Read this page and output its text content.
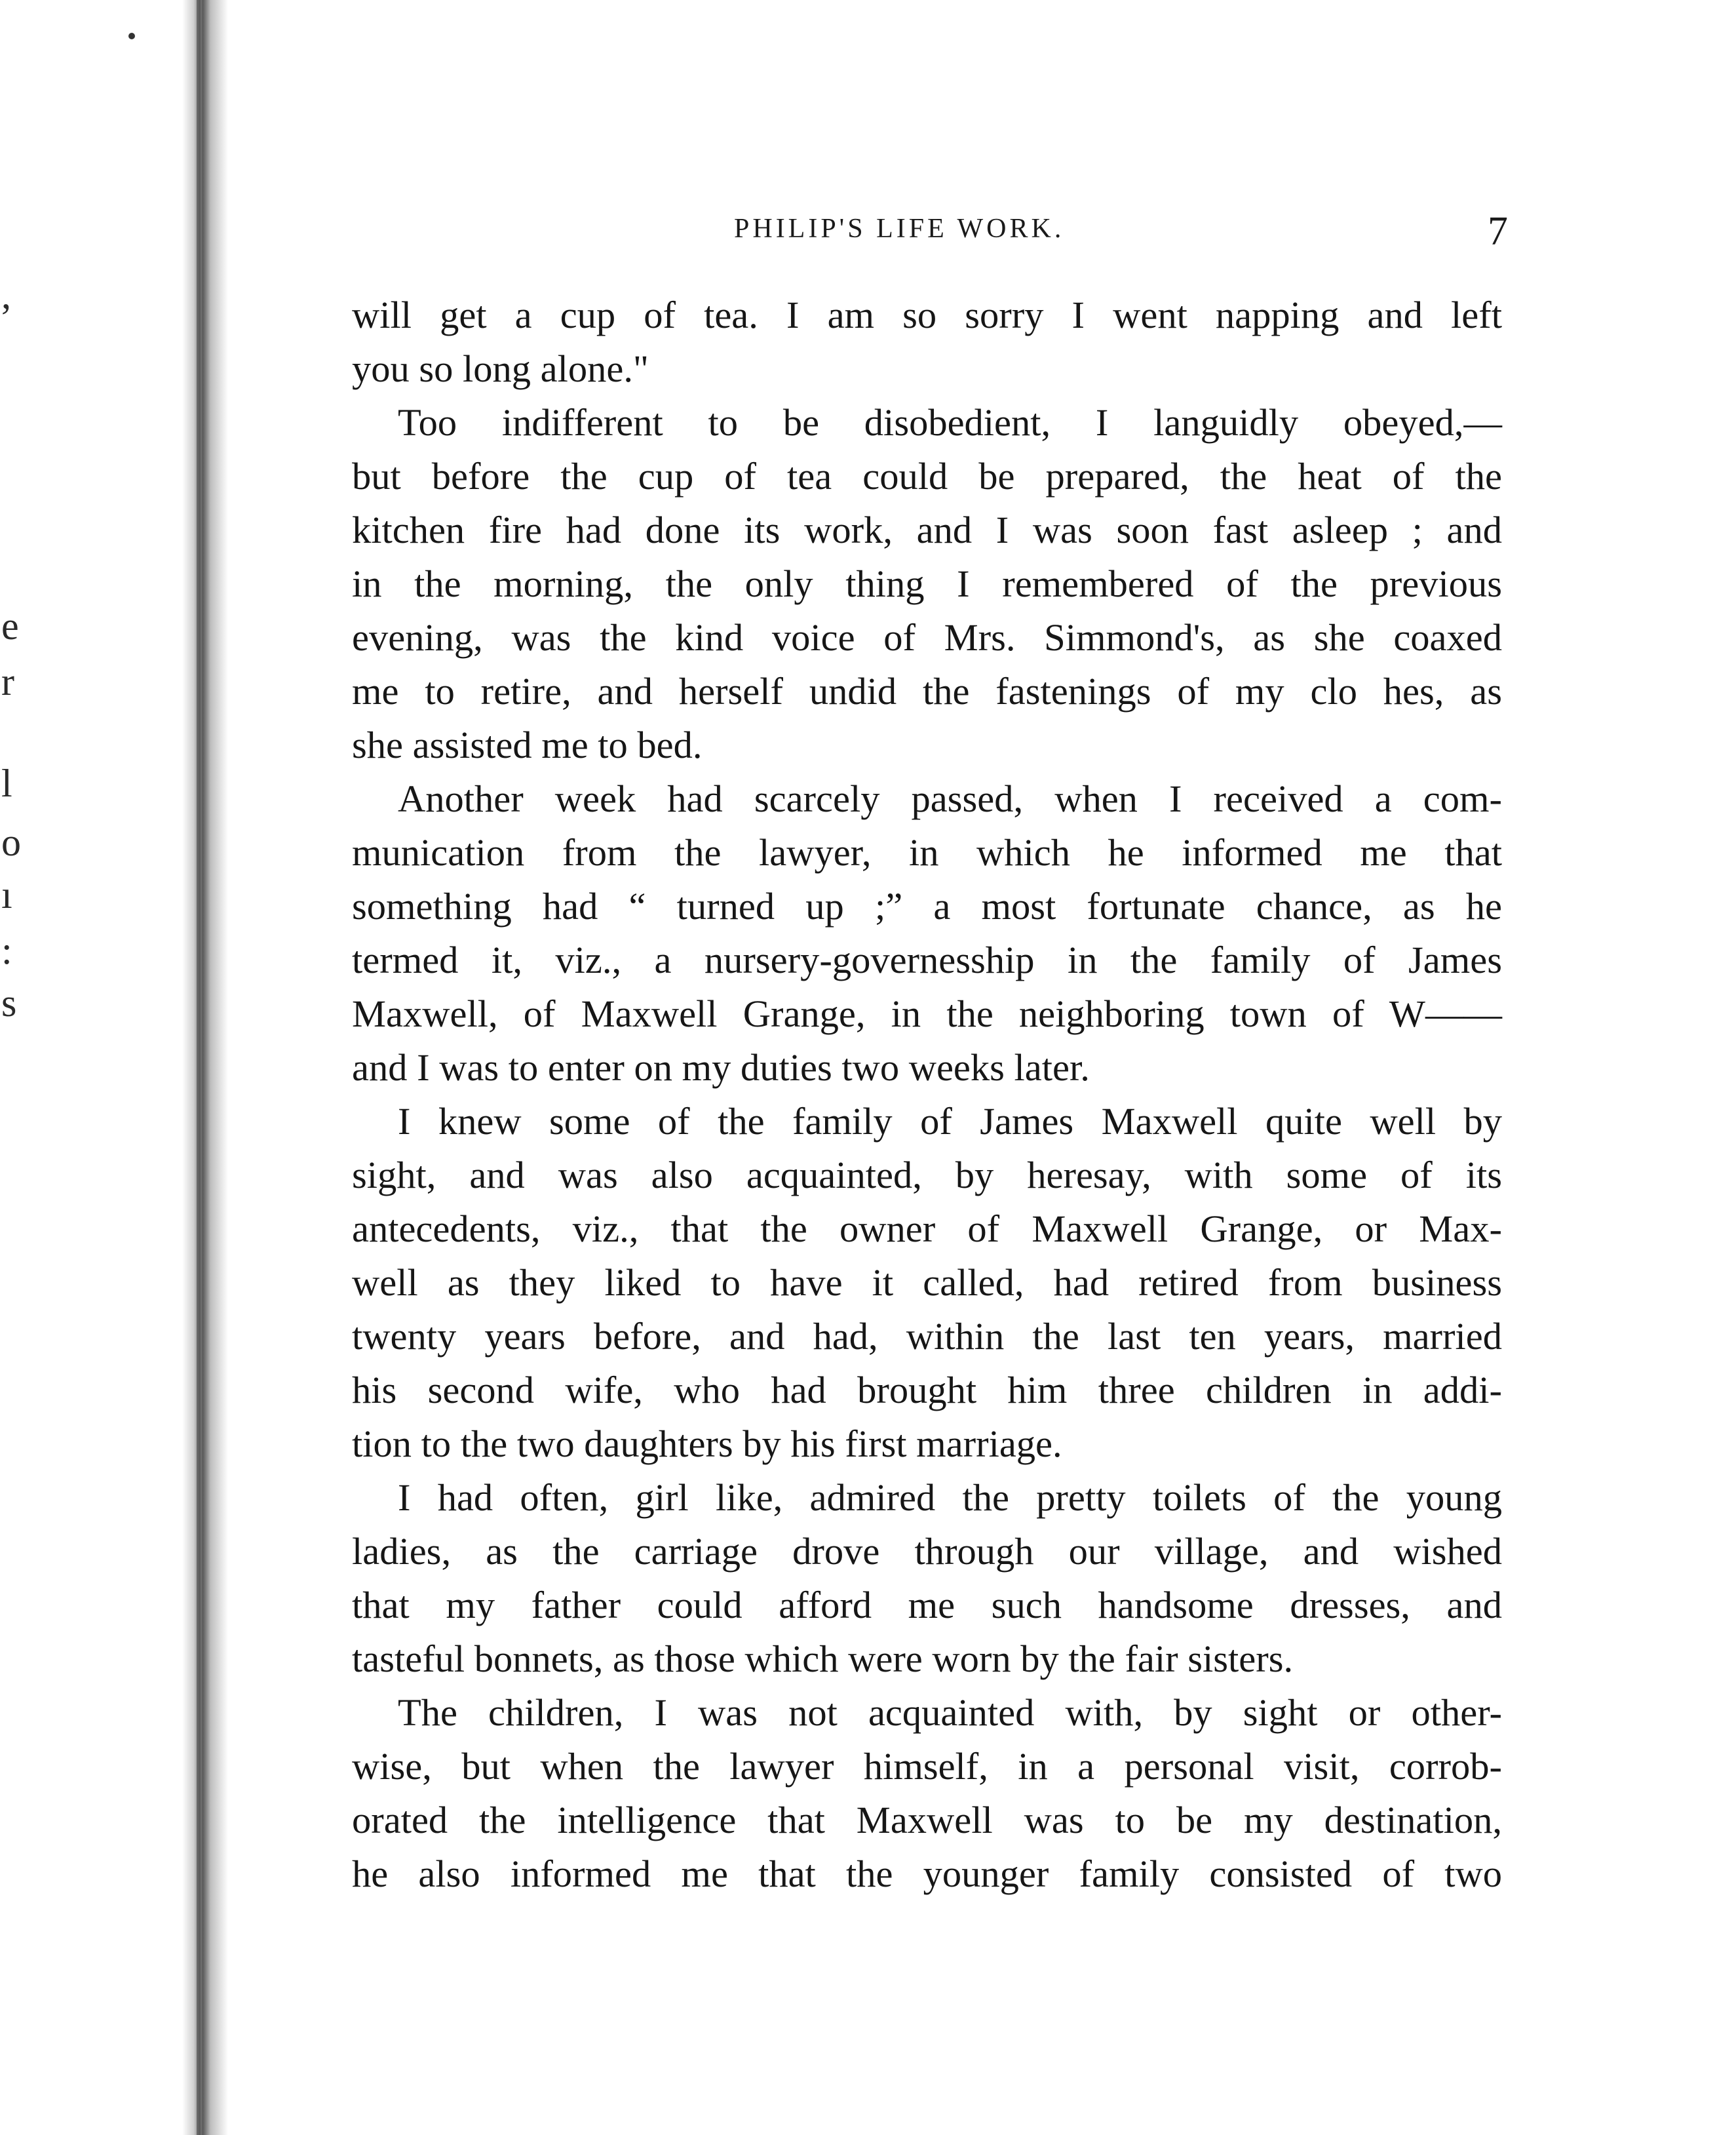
,
e
r
l
o
ı
:
s
PHILIP'S LIFE WORK.	7
will get a cup of tea. I am so sorry I went napping and left
you so long alone."
Too indifferent to be disobedient, I languidly obeyed,—
but before the cup of tea could be prepared, the heat of the
kitchen fire had done its work, and I was soon fast asleep ; and
in the morning, the only thing I remembered of the previous
evening, was the kind voice of Mrs. Simmond's, as she coaxed
me to retire, and herself undid the fastenings of my clo hes, as
she assisted me to bed.
Another week had scarcely passed, when I received a com-
munication from the lawyer, in which he informed me that
something had “ turned up ;” a most fortunate chance, as he
termed it, viz., a nursery-governesship in the family of James
Maxwell, of Maxwell Grange, in the neighboring town of W——
and I was to enter on my duties two weeks later.
I knew some of the family of James Maxwell quite well by
sight, and was also acquainted, by heresay, with some of its
antecedents, viz., that the owner of Maxwell Grange, or Max-
well as they liked to have it called, had retired from business
twenty years before, and had, within the last ten years, married
his second wife, who had brought him three children in addi-
tion to the two daughters by his first marriage.
I had often, girl like, admired the pretty toilets of the young
ladies, as the carriage drove through our village, and wished
that my father could afford me such handsome dresses, and
tasteful bonnets, as those which were worn by the fair sisters.
The children, I was not acquainted with, by sight or other-
wise, but when the lawyer himself, in a personal visit, corrob-
orated the intelligence that Maxwell was to be my destination,
he also informed me that the younger family consisted of two
